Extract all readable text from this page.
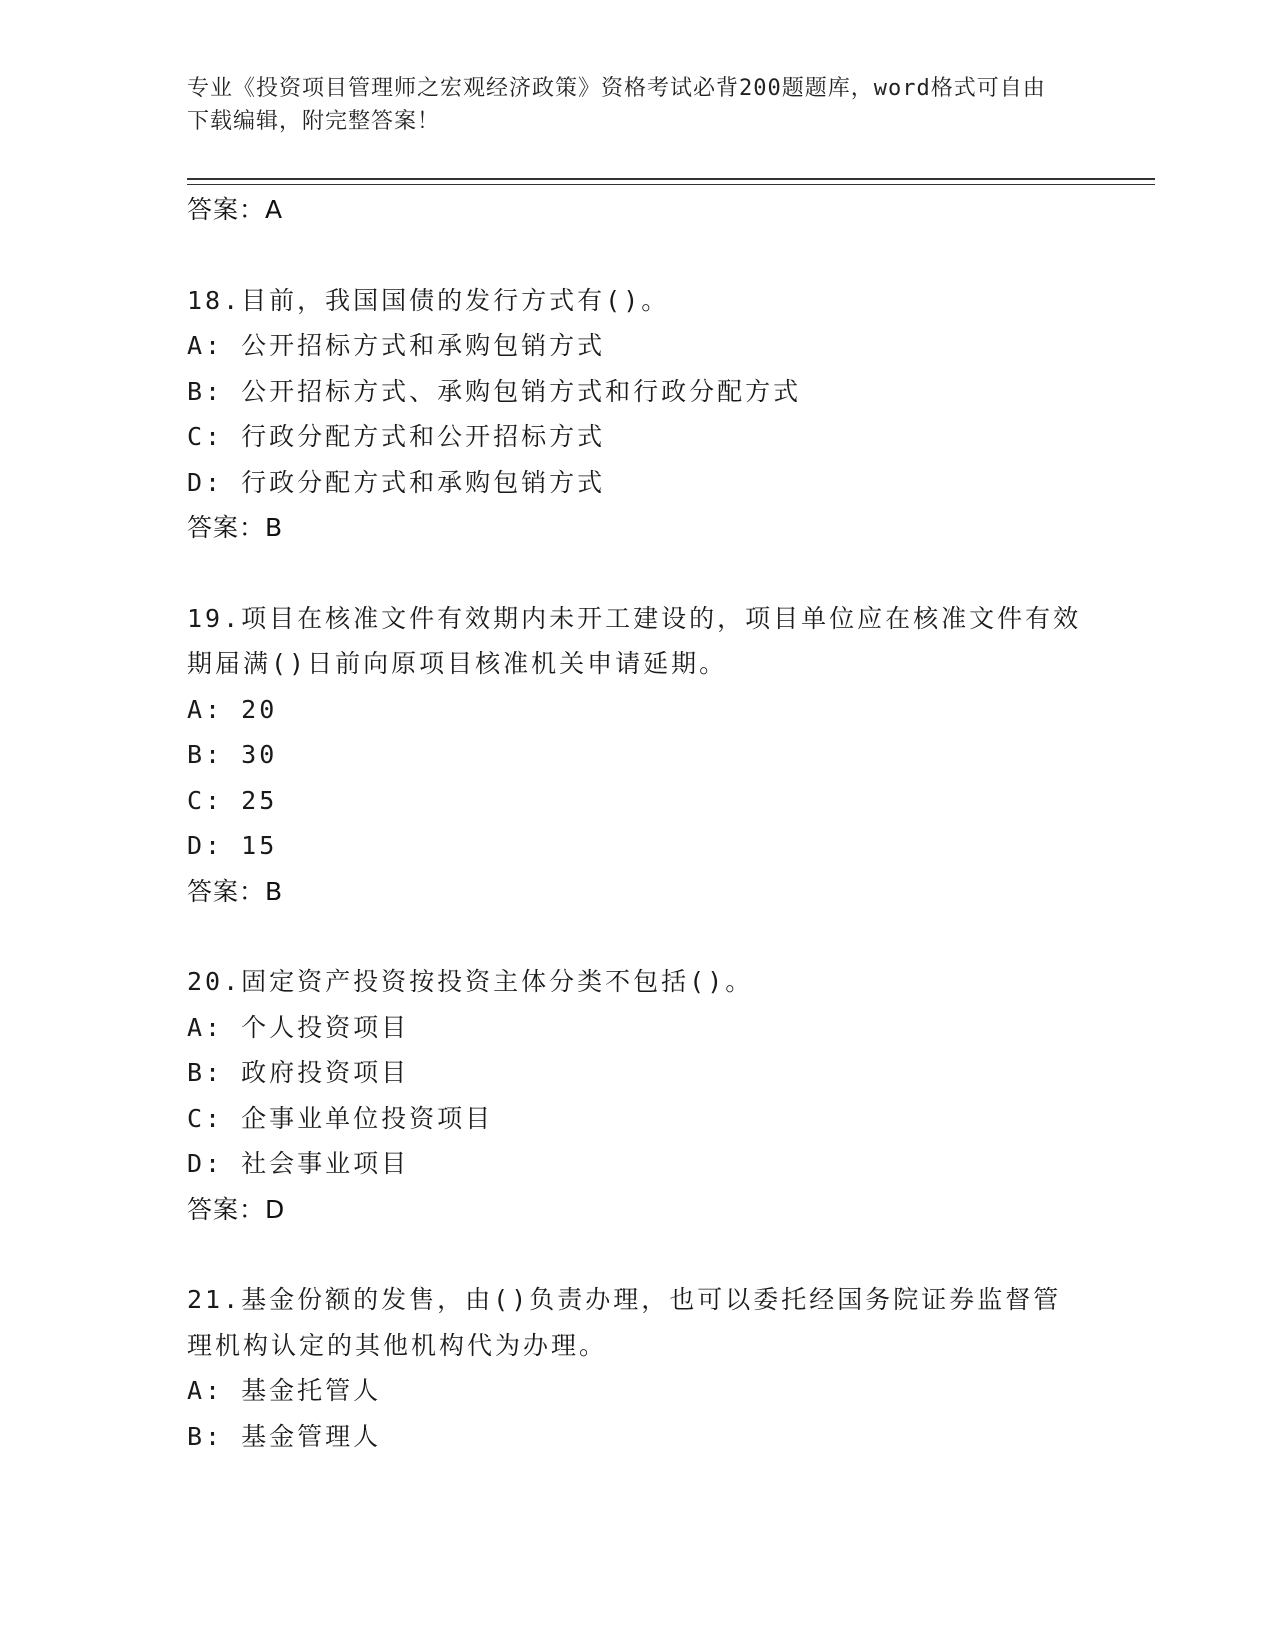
专业《投资项目管理师之宏观经济政策》资格考试必背200题题库，word格式可自由下载编辑，附完整答案！
答案：A
18.目前，我国国债的发行方式有()。
A: 公开招标方式和承购包销方式
B: 公开招标方式、承购包销方式和行政分配方式
C: 行政分配方式和公开招标方式
D: 行政分配方式和承购包销方式
答案：B
19.项目在核准文件有效期内未开工建设的，项目单位应在核准文件有效期届满()日前向原项目核准机关申请延期。
A: 20
B: 30
C: 25
D: 15
答案：B
20.固定资产投资按投资主体分类不包括()。
A: 个人投资项目
B: 政府投资项目
C: 企事业单位投资项目
D: 社会事业项目
答案：D
21.基金份额的发售，由()负责办理，也可以委托经国务院证券监督管理机构认定的其他机构代为办理。
A: 基金托管人
B: 基金管理人
